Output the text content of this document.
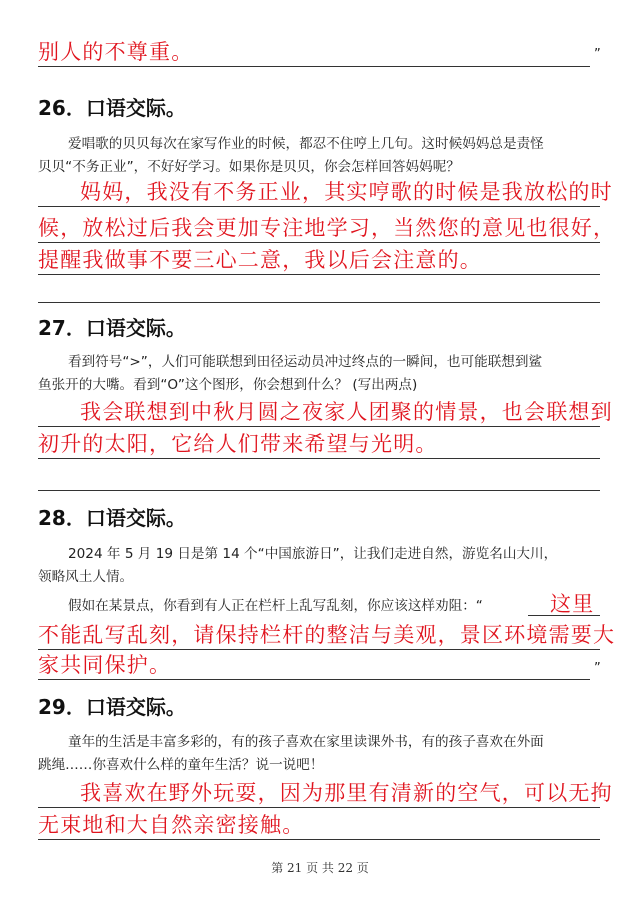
别人的不尊重。	”
26．口语交际。
爱唱歌的贝贝每次在家写作业的时候，都忍不住哼上几句。这时候妈妈总是责怪
贝贝“不务正业”，不好好学习。如果你是贝贝，你会怎样回答妈妈呢？
妈妈，我没有不务正业，其实哼歌的时候是我放松的时
候，放松过后我会更加专注地学习，当然您的意见也很好，
提醒我做事不要三心二意，我以后会注意的。
27．口语交际。
看到符号“>”，人们可能联想到田径运动员冲过终点的一瞬间，也可能联想到鲨
鱼张开的大嘴。看到“O”这个图形，你会想到什么？ (写出两点)
我会联想到中秋月圆之夜家人团聚的情景，也会联想到
初升的太阳，它给人们带来希望与光明。
28．口语交际。
2024 年 5 月 19 日是第 14 个“中国旅游日”，让我们走进自然，游览名山大川，
领略风土人情。
假如在某景点，你看到有人正在栏杆上乱写乱刻，你应该这样劝阻：“	这里
不能乱写乱刻，请保持栏杆的整洁与美观，景区环境需要大
家共同保护。	”
29．口语交际。
童年的生活是丰富多彩的，有的孩子喜欢在家里读课外书，有的孩子喜欢在外面
跳绳……你喜欢什么样的童年生活？说一说吧！
我喜欢在野外玩耍，因为那里有清新的空气，可以无拘
无束地和大自然亲密接触。
第 21 页 共 22 页
